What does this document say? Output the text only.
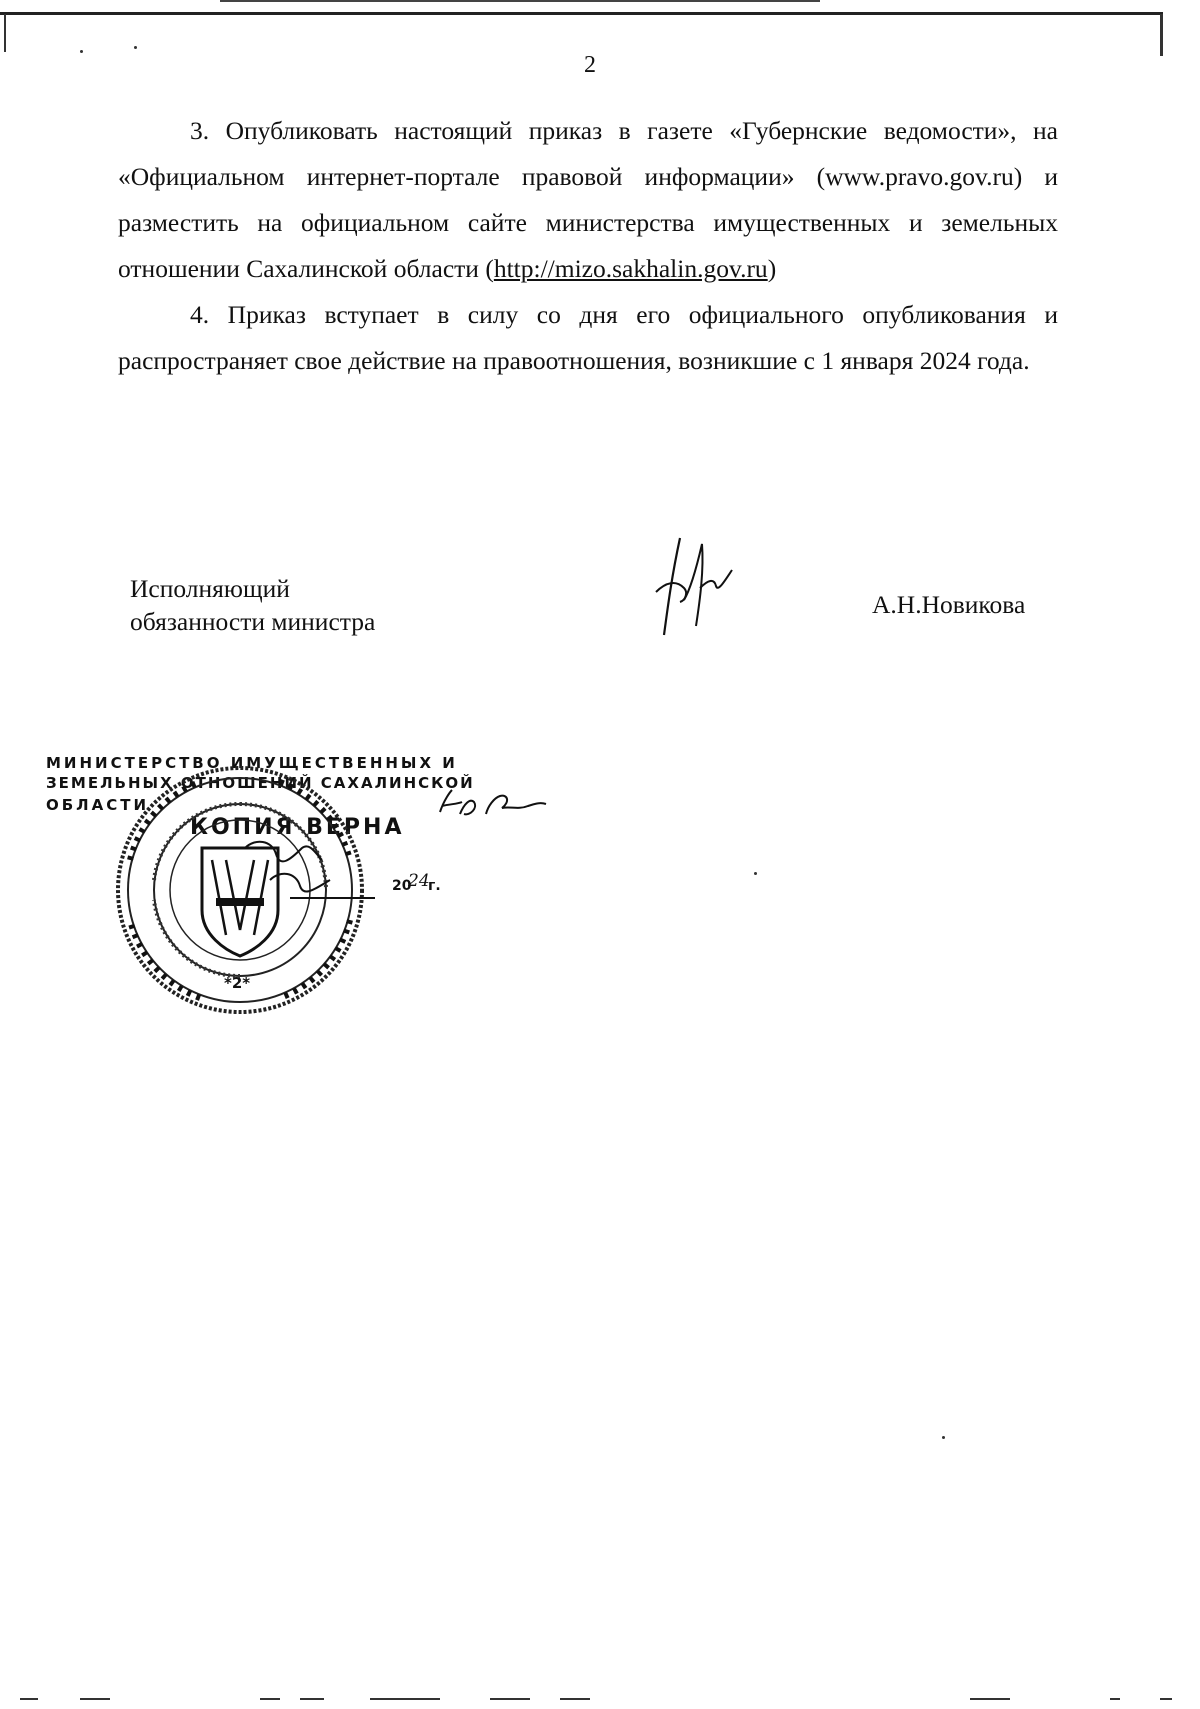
2

3. Опубликовать настоящий приказ в газете «Губернские ведомости», на «Официальном интернет-портале правовой информации» (www.pravo.gov.ru) и разместить на официальном сайте министерства имущественных и земельных отношении Сахалинской области (http://mizo.sakhalin.gov.ru)

4. Приказ вступает в силу со дня его официального опубликования и распространяет свое действие на правоотношения, возникшие с 1 января 2024 года.

Исполняющий
обязанности министра
А.Н.Новикова
МИНИСТЕРСТВО ИМУЩЕСТВЕННЫХ И
ЗЕМЕЛЬНЫХ ОТНОШЕНИЙ САХАЛИНСКОЙ
ОБЛАСТИ
КОПИЯ ВЕРНА
*2*
20
24
г.
